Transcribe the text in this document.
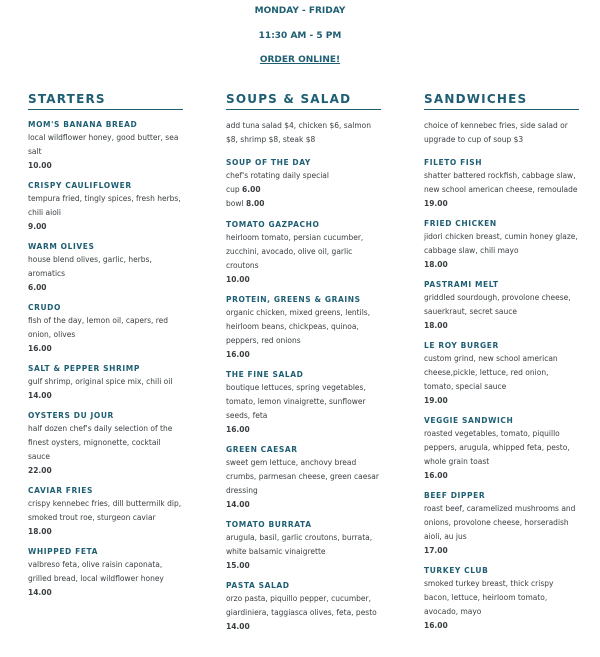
MONDAY - FRIDAY
11:30 AM - 5 PM
ORDER ONLINE!
STARTERS
MOM'S BANANA BREAD
local wildflower honey, good butter, sea salt
10.00
CRISPY CAULIFLOWER
tempura fried, tingly spices, fresh herbs, chili aioli
9.00
WARM OLIVES
house blend olives, garlic, herbs, aromatics
6.00
CRUDO
fish of the day, lemon oil, capers, red onion, olives
16.00
SALT & PEPPER SHRIMP
gulf shrimp, original spice mix, chili oil
14.00
OYSTERS DU JOUR
half dozen chef's daily selection of the finest oysters, mignonette, cocktail sauce
22.00
CAVIAR FRIES
crispy kennebec fries, dill buttermilk dip, smoked trout roe, sturgeon caviar
18.00
WHIPPED FETA
valbreso feta, olive raisin caponata, grilled bread, local wildflower honey
14.00
SOUPS & SALAD
add tuna salad $4, chicken $6, salmon $8, shrimp $8, steak $8
SOUP OF THE DAY
chef's rotating daily special
cup 6.00
bowl 8.00
TOMATO GAZPACHO
heirloom tomato, persian cucumber, zucchini, avocado, olive oil, garlic croutons
10.00
PROTEIN, GREENS & GRAINS
organic chicken, mixed greens, lentils, heirloom beans, chickpeas, quinoa, peppers, red onions
16.00
THE FINE SALAD
boutique lettuces, spring vegetables, tomato, lemon vinaigrette, sunflower seeds, feta
16.00
GREEN CAESAR
sweet gem lettuce, anchovy bread crumbs, parmesan cheese, green caesar dressing
14.00
TOMATO BURRATA
arugula, basil, garlic croutons, burrata, white balsamic vinaigrette
15.00
PASTA SALAD
orzo pasta, piquillo pepper, cucumber, giardiniera, taggiasca olives, feta, pesto
14.00
SANDWICHES
choice of kennebec fries, side salad or upgrade to cup of soup $3
FILETO FISH
shatter battered rockfish, cabbage slaw, new school american cheese, remoulade
19.00
FRIED CHICKEN
jidori chicken breast, cumin honey glaze, cabbage slaw, chili mayo
18.00
PASTRAMI MELT
griddled sourdough, provolone cheese, sauerkraut, secret sauce
18.00
LE ROY BURGER
custom grind, new school american cheese,pickle, lettuce, red onion, tomato, special sauce
19.00
VEGGIE SANDWICH
roasted vegetables, tomato, piquillo peppers, arugula, whipped feta, pesto, whole grain toast
16.00
BEEF DIPPER
roast beef, caramelized mushrooms and onions, provolone cheese, horseradish aioli, au jus
17.00
TURKEY CLUB
smoked turkey breast, thick crispy bacon, lettuce, heirloom tomato, avocado, mayo
16.00
